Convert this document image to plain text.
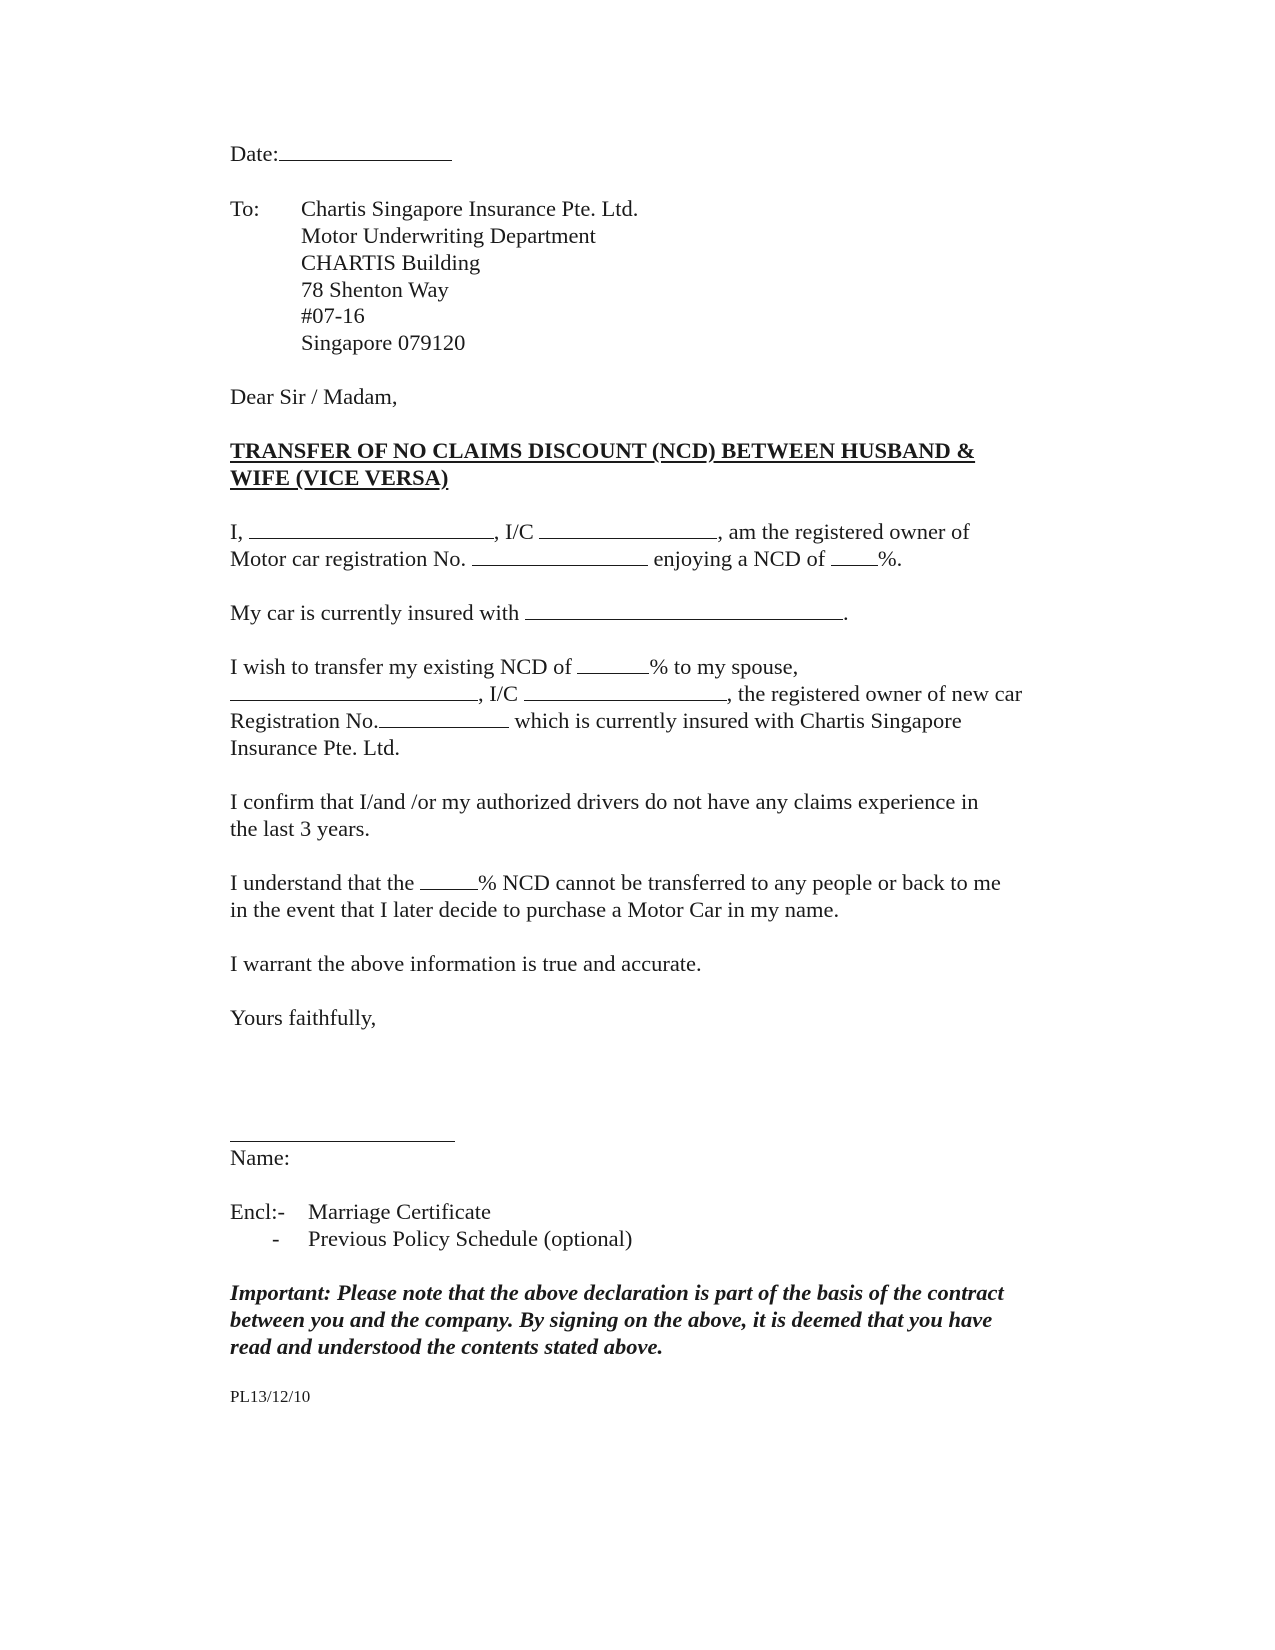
Date:
To: Chartis Singapore Insurance Pte. Ltd.
Motor Underwriting Department
CHARTIS Building
78 Shenton Way
#07-16
Singapore 079120
Dear Sir / Madam,
TRANSFER OF NO CLAIMS DISCOUNT (NCD) BETWEEN HUSBAND &
WIFE (VICE VERSA)
I,	, I/C	, am the registered owner of
Motor car registration No.	enjoying a NCD of %.
My car is currently insured with	.
I wish to transfer my existing NCD of	% to my spouse,
, I/C	, the registered owner of new car
Registration No.	which is currently insured with Chartis Singapore
Insurance Pte. Ltd.
I confirm that I/and /or my authorized drivers do not have any claims experience in
the last 3 years.
I understand that the	% NCD cannot be transferred to any people or back to me
in the event that I later decide to purchase a Motor Car in my name.
I warrant the above information is true and accurate.
Yours faithfully,
Name:
Encl:- Marriage Certificate
- Previous Policy Schedule (optional)
Important: Please note that the above declaration is part of the basis of the contract
between you and the company. By signing on the above, it is deemed that you have
read and understood the contents stated above.
PL13/12/10
